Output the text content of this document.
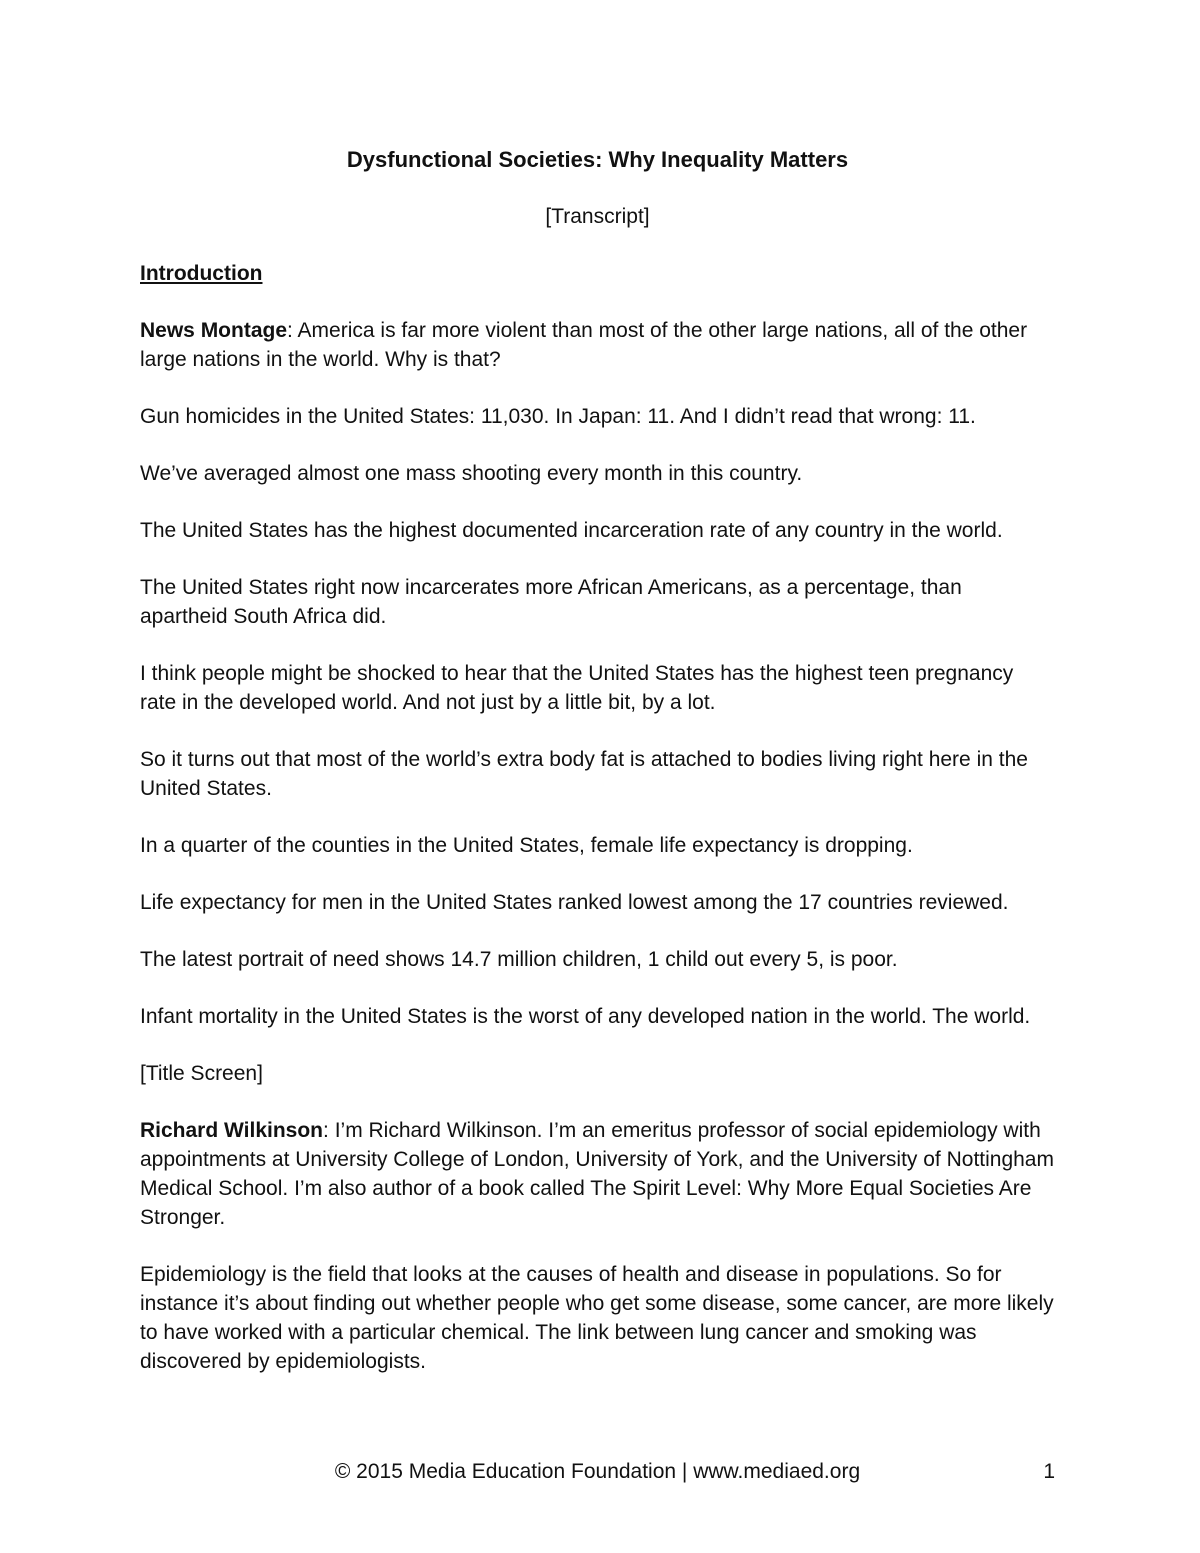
Dysfunctional Societies: Why Inequality Matters
[Transcript]
Introduction

News Montage: America is far more violent than most of the other large nations, all of the other large nations in the world. Why is that?

Gun homicides in the United States: 11,030. In Japan: 11. And I didn’t read that wrong: 11.

We’ve averaged almost one mass shooting every month in this country.

The United States has the highest documented incarceration rate of any country in the world.

The United States right now incarcerates more African Americans, as a percentage, than apartheid South Africa did.

I think people might be shocked to hear that the United States has the highest teen pregnancy rate in the developed world. And not just by a little bit, by a lot.

So it turns out that most of the world’s extra body fat is attached to bodies living right here in the United States.

In a quarter of the counties in the United States, female life expectancy is dropping.

Life expectancy for men in the United States ranked lowest among the 17 countries reviewed.

The latest portrait of need shows 14.7 million children, 1 child out every 5, is poor.

Infant mortality in the United States is the worst of any developed nation in the world. The world.

[Title Screen]

Richard Wilkinson: I’m Richard Wilkinson. I’m an emeritus professor of social epidemiology with appointments at University College of London, University of York, and the University of Nottingham Medical School. I’m also author of a book called The Spirit Level: Why More Equal Societies Are Stronger.

Epidemiology is the field that looks at the causes of health and disease in populations. So for instance it’s about finding out whether people who get some disease, some cancer, are more likely to have worked with a particular chemical. The link between lung cancer and smoking was discovered by epidemiologists.

© 2015 Media Education Foundation | www.mediaed.org	1
